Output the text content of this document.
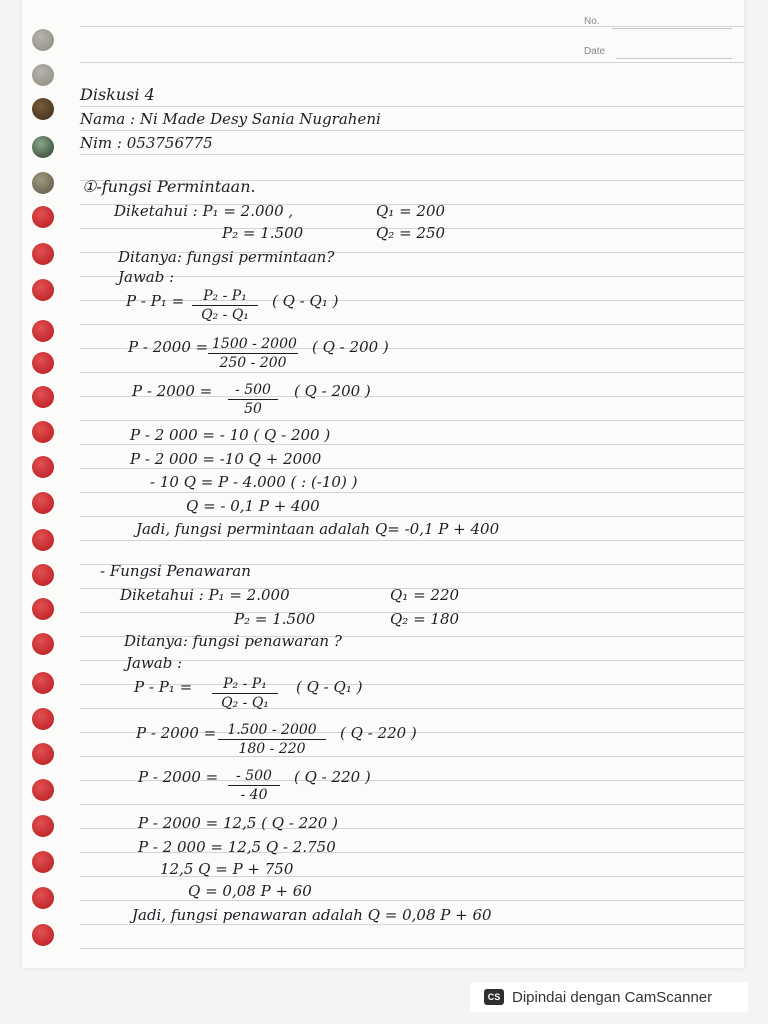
No.
Date
Diskusi 4
Nama : Ni Made Desy Sania Nugraheni
Nim : 053756775
①-fungsi Permintaan.
Diketahui : P₁ = 2.000 ,	Q₁ = 200
P₂ = 1.500	Q₂ = 250
Ditanya: fungsi permintaan?
Jawab :
$P - P_1 = \frac{\text{P₂ - P₁}}{\text{Q₂ - Q₁}}$ ( Q - Q₁ )
$P - 2000 = \frac{1500 - 2000}{250 - 200}$ ( Q - 200 )
$P - 2000 = \frac{- 500}{50}$ ( Q - 200 )
P - 2 000 = - 10 ( Q - 200 )
P - 2 000 = -10 Q + 2000
- 10 Q = P - 4.000 ( : (-10) )
Q = - 0,1 P + 400
Jadi, fungsi permintaan adalah Q= -0,1 P + 400
- Fungsi Penawaran
Diketahui : P₁ = 2.000	Q₁ = 220
P₂ = 1.500	Q₂ = 180
Ditanya: fungsi penawaran ?
Jawab :
$P - P_1 = \frac{\text{P₂ - P₁}}{\text{Q₂ - Q₁}}$ ( Q - Q₁ )
$P - 2000 = \frac{1.500 - 2000}{180 - 220}$ ( Q - 220 )
$P - 2000 = \frac{- 500}{- 40}$ ( Q - 220 )
P - 2000 = 12,5 ( Q - 220 )
P - 2 000 = 12,5 Q - 2.750
12,5 Q = P + 750
Q = 0,08 P + 60
Jadi, fungsi penawaran adalah Q = 0,08 P + 60
CS Dipindai dengan CamScanner
